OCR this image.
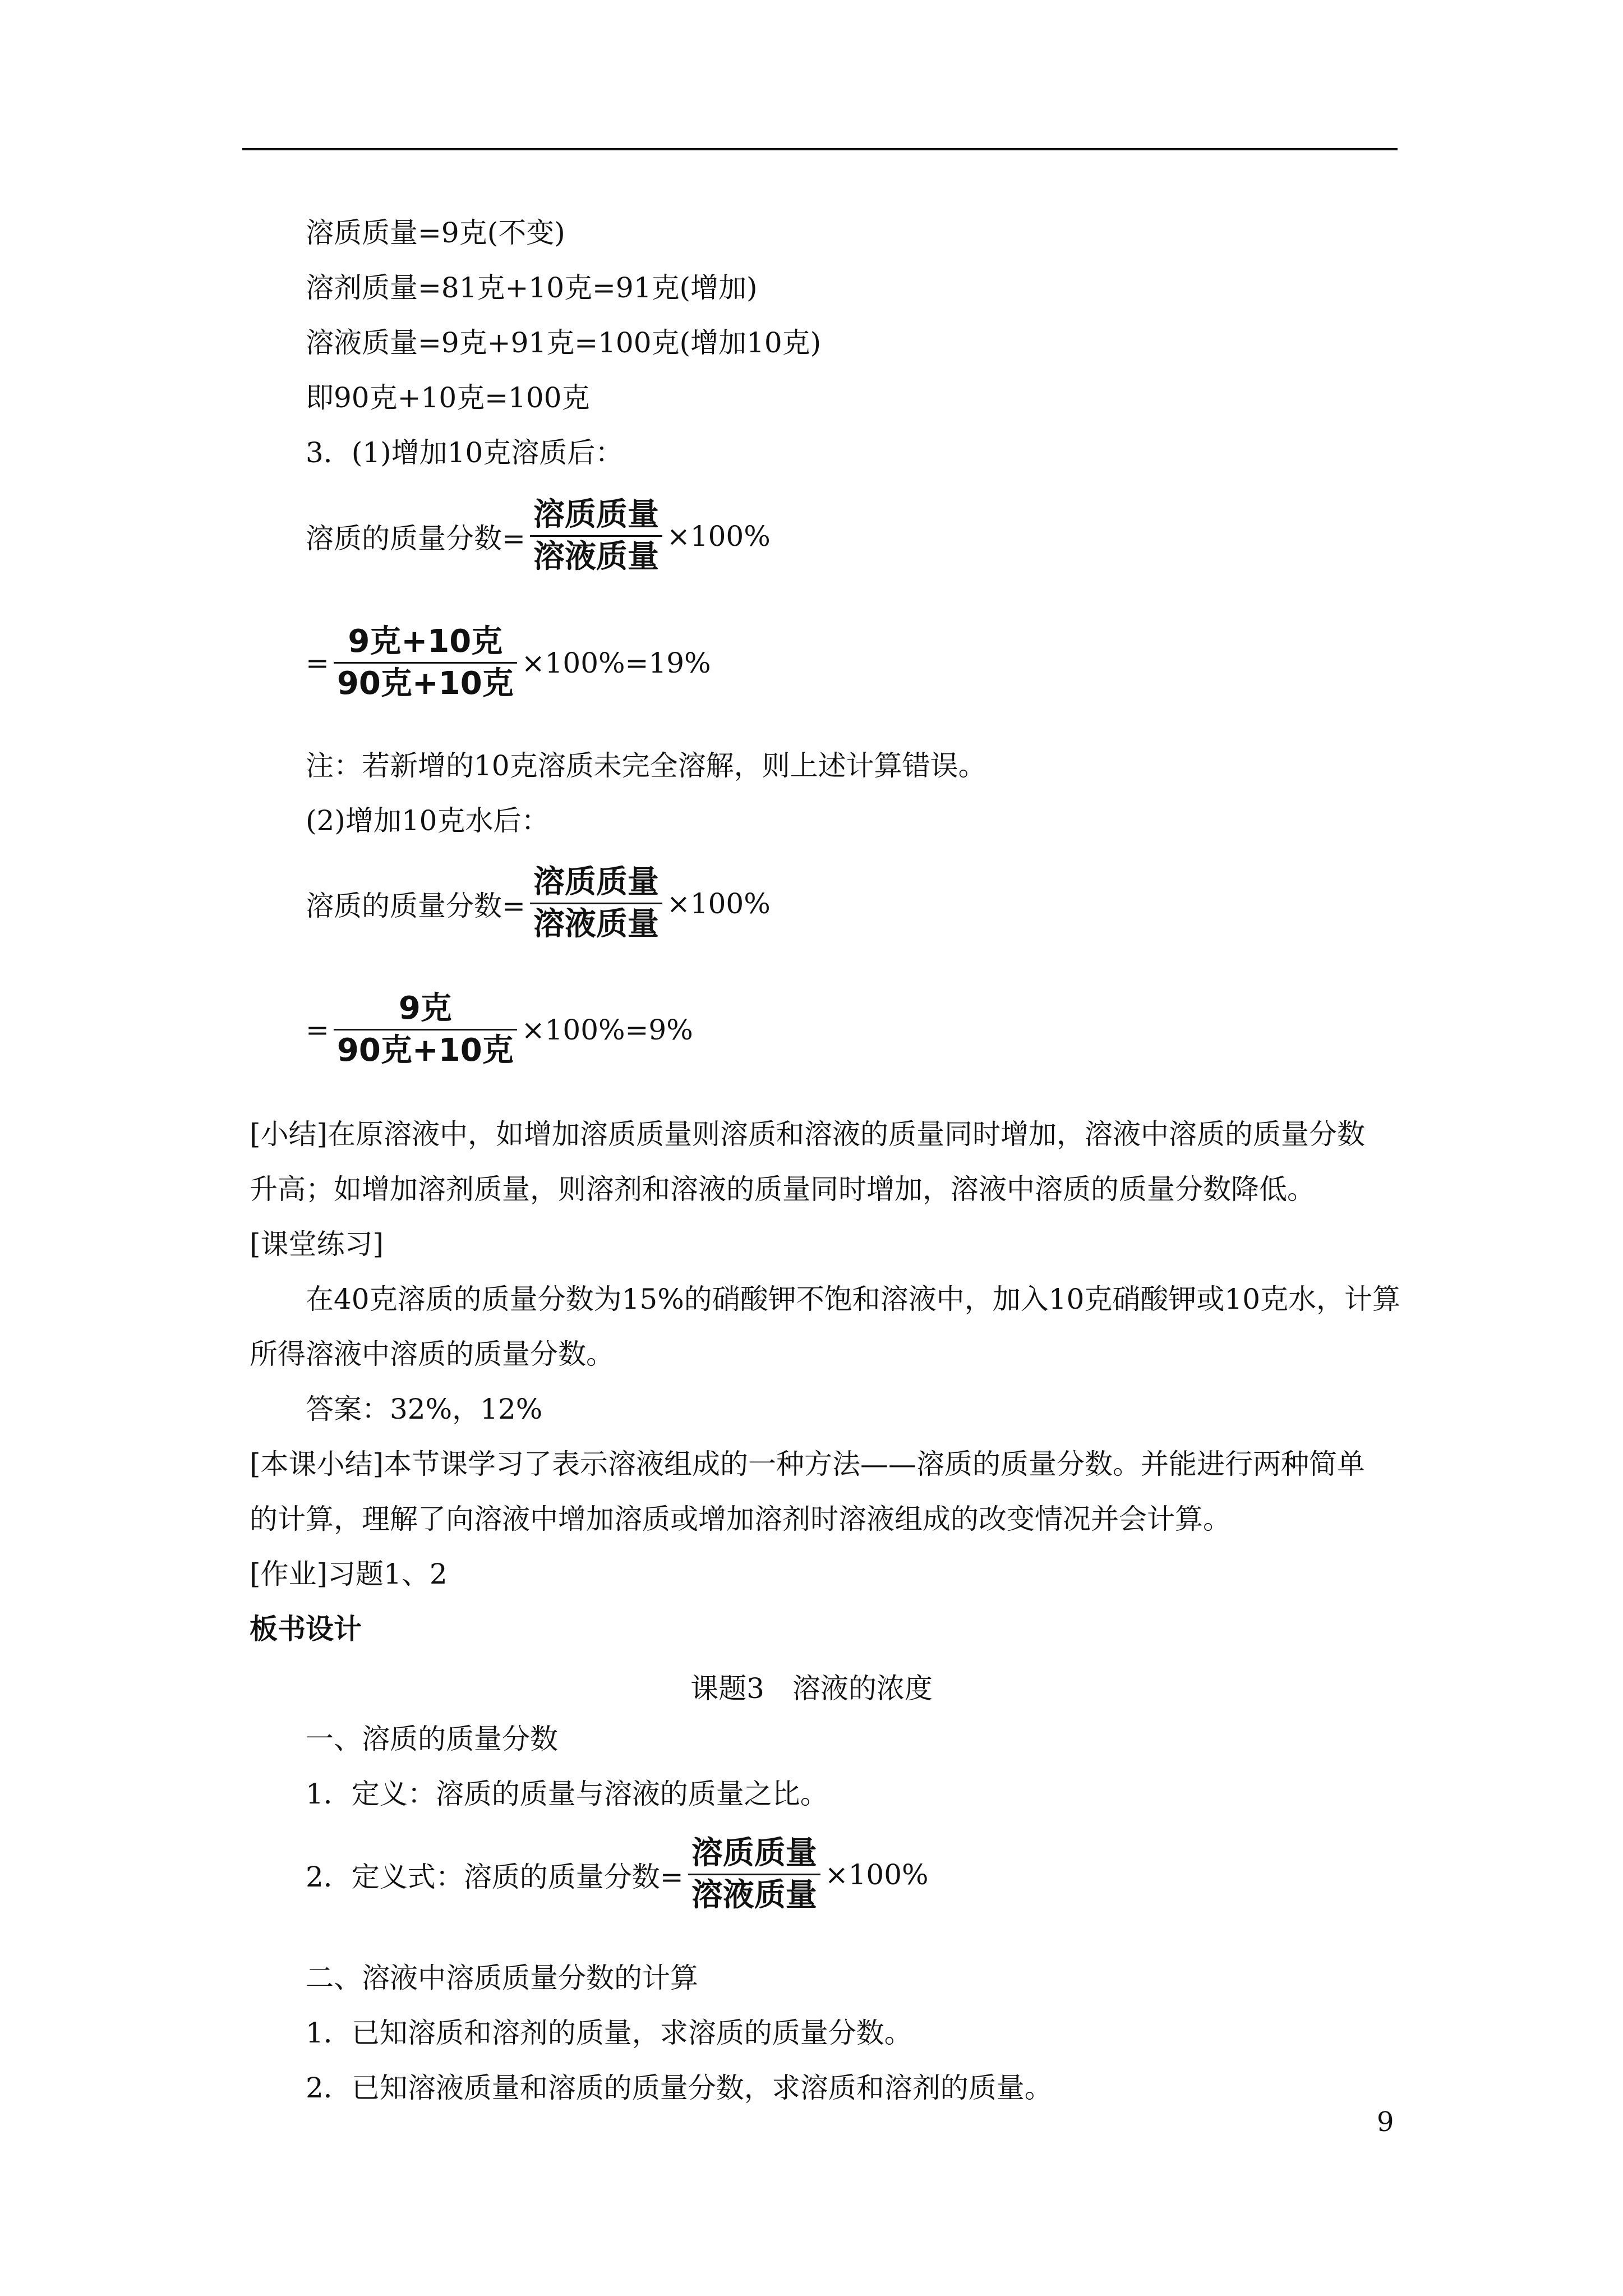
溶质质量=9克(不变)
溶剂质量=81克+10克=91克(增加)
溶液质量=9克+91克=100克(增加10克)
即90克+10克=100克
3．(1)增加10克溶质后：
溶质的质量分数= $\frac{\text{溶质质量}}{\text{溶液质量}} \times 100\%$
= $\frac{\text{9克+10克}}{\text{90克+10克}} \times 100\%=19\%$
注：若新增的10克溶质未完全溶解，则上述计算错误。
(2)增加10克水后：
溶质的质量分数= $\frac{\text{溶质质量}}{\text{溶液质量}} \times 100\%$
= $\frac{\text{9克}}{\text{90克+10克}} \times 100\%=9\%$
[小结]在原溶液中，如增加溶质质量则溶质和溶液的质量同时增加，溶液中溶质的质量分数
升高；如增加溶剂质量，则溶剂和溶液的质量同时增加，溶液中溶质的质量分数降低。
[课堂练习]
在40克溶质的质量分数为15%的硝酸钾不饱和溶液中，加入10克硝酸钾或10克水，计算
所得溶液中溶质的质量分数。
答案：32%，12%
[本课小结]本节课学习了表示溶液组成的一种方法——溶质的质量分数。并能进行两种简单
的计算，理解了向溶液中增加溶质或增加溶剂时溶液组成的改变情况并会计算。
[作业]习题1、2
板书设计
课题3　溶液的浓度
一、溶质的质量分数
1．定义：溶质的质量与溶液的质量之比。
2．定义式：溶质的质量分数= $\frac{\text{溶质质量}}{\text{溶液质量}} \times 100\%$
二、溶液中溶质质量分数的计算
1．已知溶质和溶剂的质量，求溶质的质量分数。
2．已知溶液质量和溶质的质量分数，求溶质和溶剂的质量。
9
